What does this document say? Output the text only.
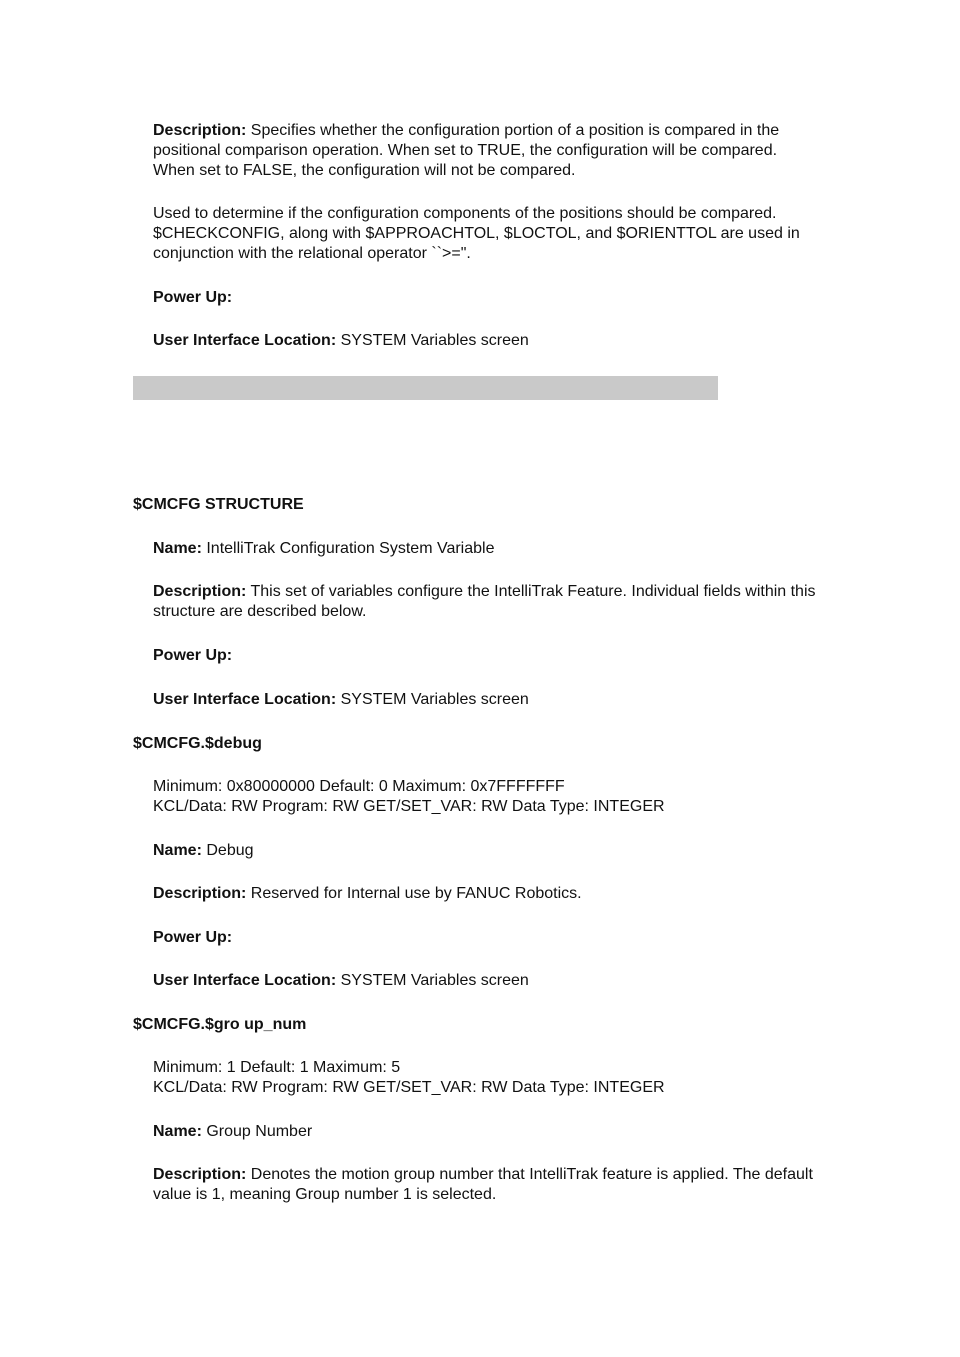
Description: Specifies whether the configuration portion of a position is compared in the positional comparison operation. When set to TRUE, the configuration will be compared. When set to FALSE, the configuration will not be compared.
Used to determine if the configuration components of the positions should be compared. $CHECKCONFIG, along with $APPROACHTOL, $LOCTOL, and $ORIENTTOL are used in conjunction with the relational operator ``>=".
Power Up:
User Interface Location: SYSTEM Variables screen
$CMCFG STRUCTURE
Name: IntelliTrak Configuration System Variable
Description: This set of variables configure the IntelliTrak Feature. Individual fields within this structure are described below.
Power Up:
User Interface Location: SYSTEM Variables screen
$CMCFG.$debug
Minimum: 0x80000000 Default: 0 Maximum: 0x7FFFFFFF
KCL/Data: RW Program: RW GET/SET_VAR: RW Data Type: INTEGER
Name: Debug
Description: Reserved for Internal use by FANUC Robotics.
Power Up:
User Interface Location: SYSTEM Variables screen
$CMCFG.$gro up_num
Minimum: 1 Default: 1 Maximum: 5
KCL/Data: RW Program: RW GET/SET_VAR: RW Data Type: INTEGER
Name: Group Number
Description: Denotes the motion group number that IntelliTrak feature is applied. The default value is 1, meaning Group number 1 is selected.
